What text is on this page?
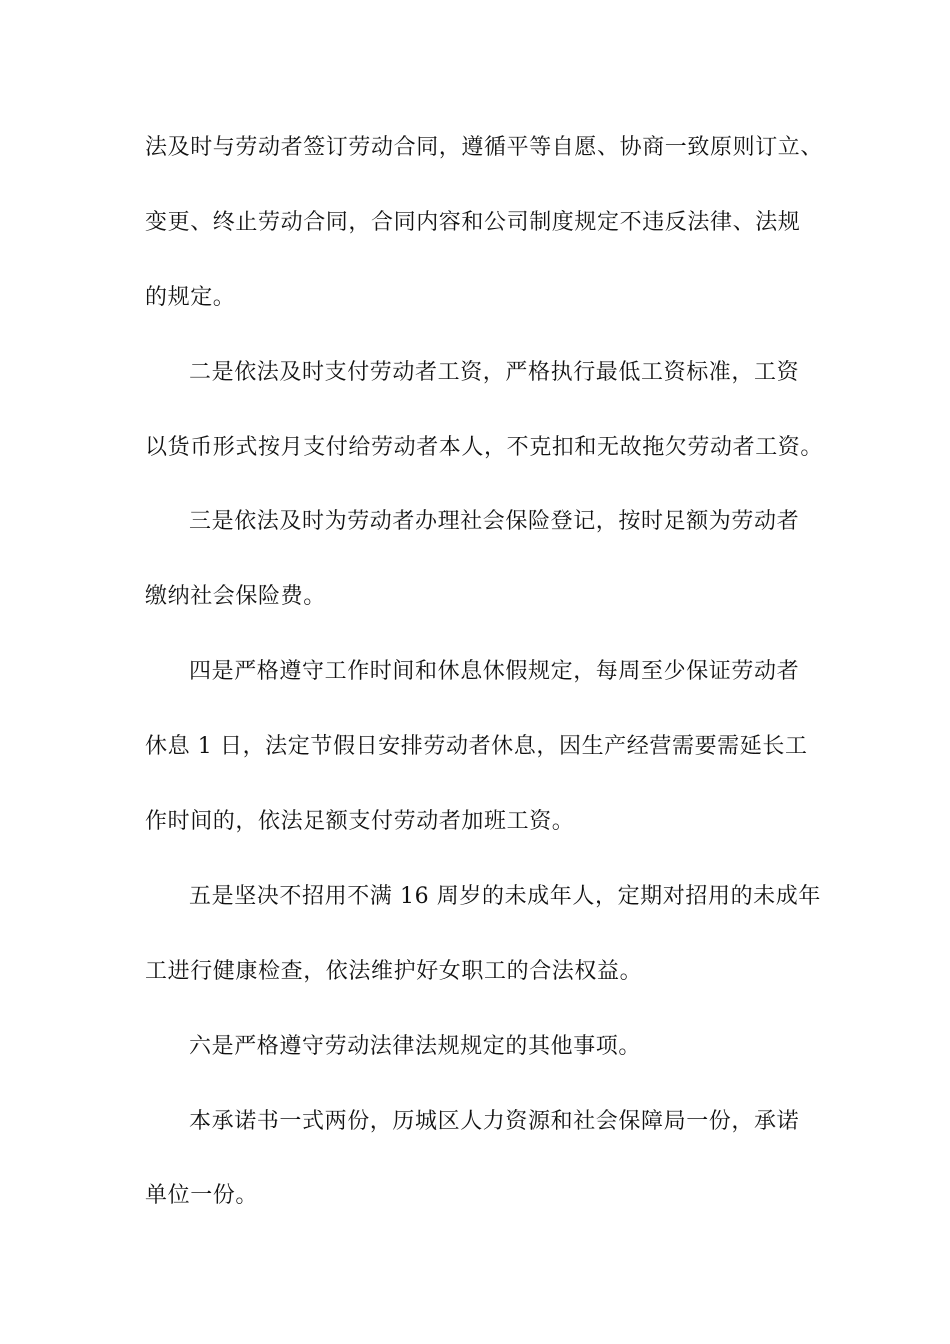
法及时与劳动者签订劳动合同，遵循平等自愿、协商一致原则订立、
变更、终止劳动合同，合同内容和公司制度规定不违反法律、法规
的规定。
二是依法及时支付劳动者工资，严格执行最低工资标准，工资
以货币形式按月支付给劳动者本人，不克扣和无故拖欠劳动者工资。
三是依法及时为劳动者办理社会保险登记，按时足额为劳动者
缴纳社会保险费。
四是严格遵守工作时间和休息休假规定，每周至少保证劳动者
休息 1 日，法定节假日安排劳动者休息，因生产经营需要需延长工
作时间的，依法足额支付劳动者加班工资。
五是坚决不招用不满 16 周岁的未成年人，定期对招用的未成年
工进行健康检查，依法维护好女职工的合法权益。
六是严格遵守劳动法律法规规定的其他事项。
本承诺书一式两份，历城区人力资源和社会保障局一份，承诺
单位一份。
